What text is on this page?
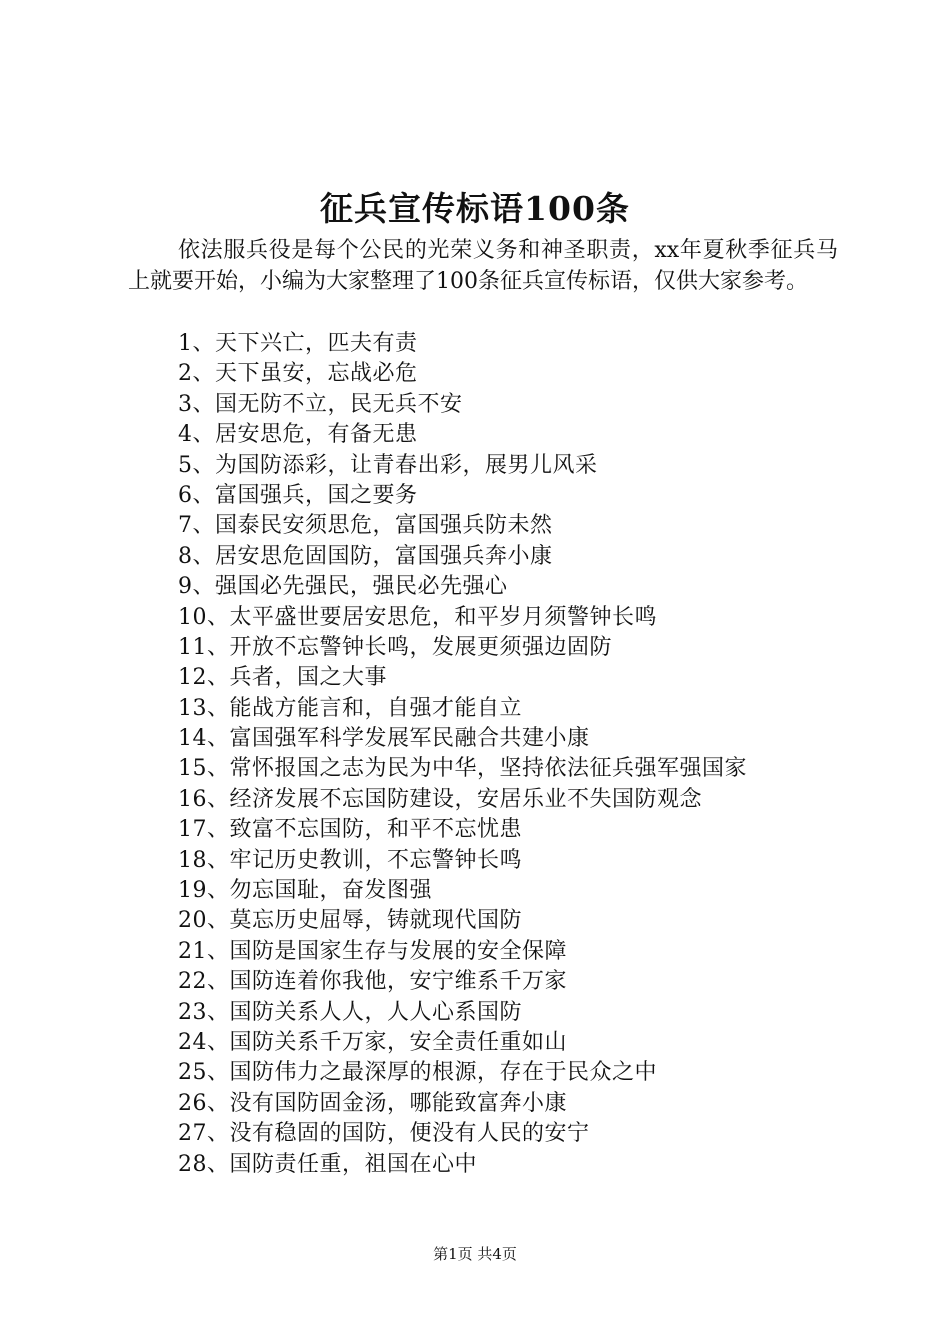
征兵宣传标语100条

依法服兵役是每个公民的光荣义务和神圣职责，xx年夏秋季征兵马上就要开始，小编为大家整理了100条征兵宣传标语，仅供大家参考。

1、天下兴亡，匹夫有责
2、天下虽安，忘战必危
3、国无防不立，民无兵不安
4、居安思危，有备无患
5、为国防添彩，让青春出彩，展男儿风采
6、富国强兵，国之要务
7、国泰民安须思危，富国强兵防未然
8、居安思危固国防，富国强兵奔小康
9、强国必先强民，强民必先强心
10、太平盛世要居安思危，和平岁月须警钟长鸣
11、开放不忘警钟长鸣，发展更须强边固防
12、兵者，国之大事
13、能战方能言和，自强才能自立
14、富国强军科学发展军民融合共建小康
15、常怀报国之志为民为中华，坚持依法征兵强军强国家
16、经济发展不忘国防建设，安居乐业不失国防观念
17、致富不忘国防，和平不忘忧患
18、牢记历史教训，不忘警钟长鸣
19、勿忘国耻，奋发图强
20、莫忘历史屈辱，铸就现代国防
21、国防是国家生存与发展的安全保障
22、国防连着你我他，安宁维系千万家
23、国防关系人人，人人心系国防
24、国防关系千万家，安全责任重如山
25、国防伟力之最深厚的根源，存在于民众之中
26、没有国防固金汤，哪能致富奔小康
27、没有稳固的国防，便没有人民的安宁
28、国防责任重，祖国在心中
第1页 共4页
